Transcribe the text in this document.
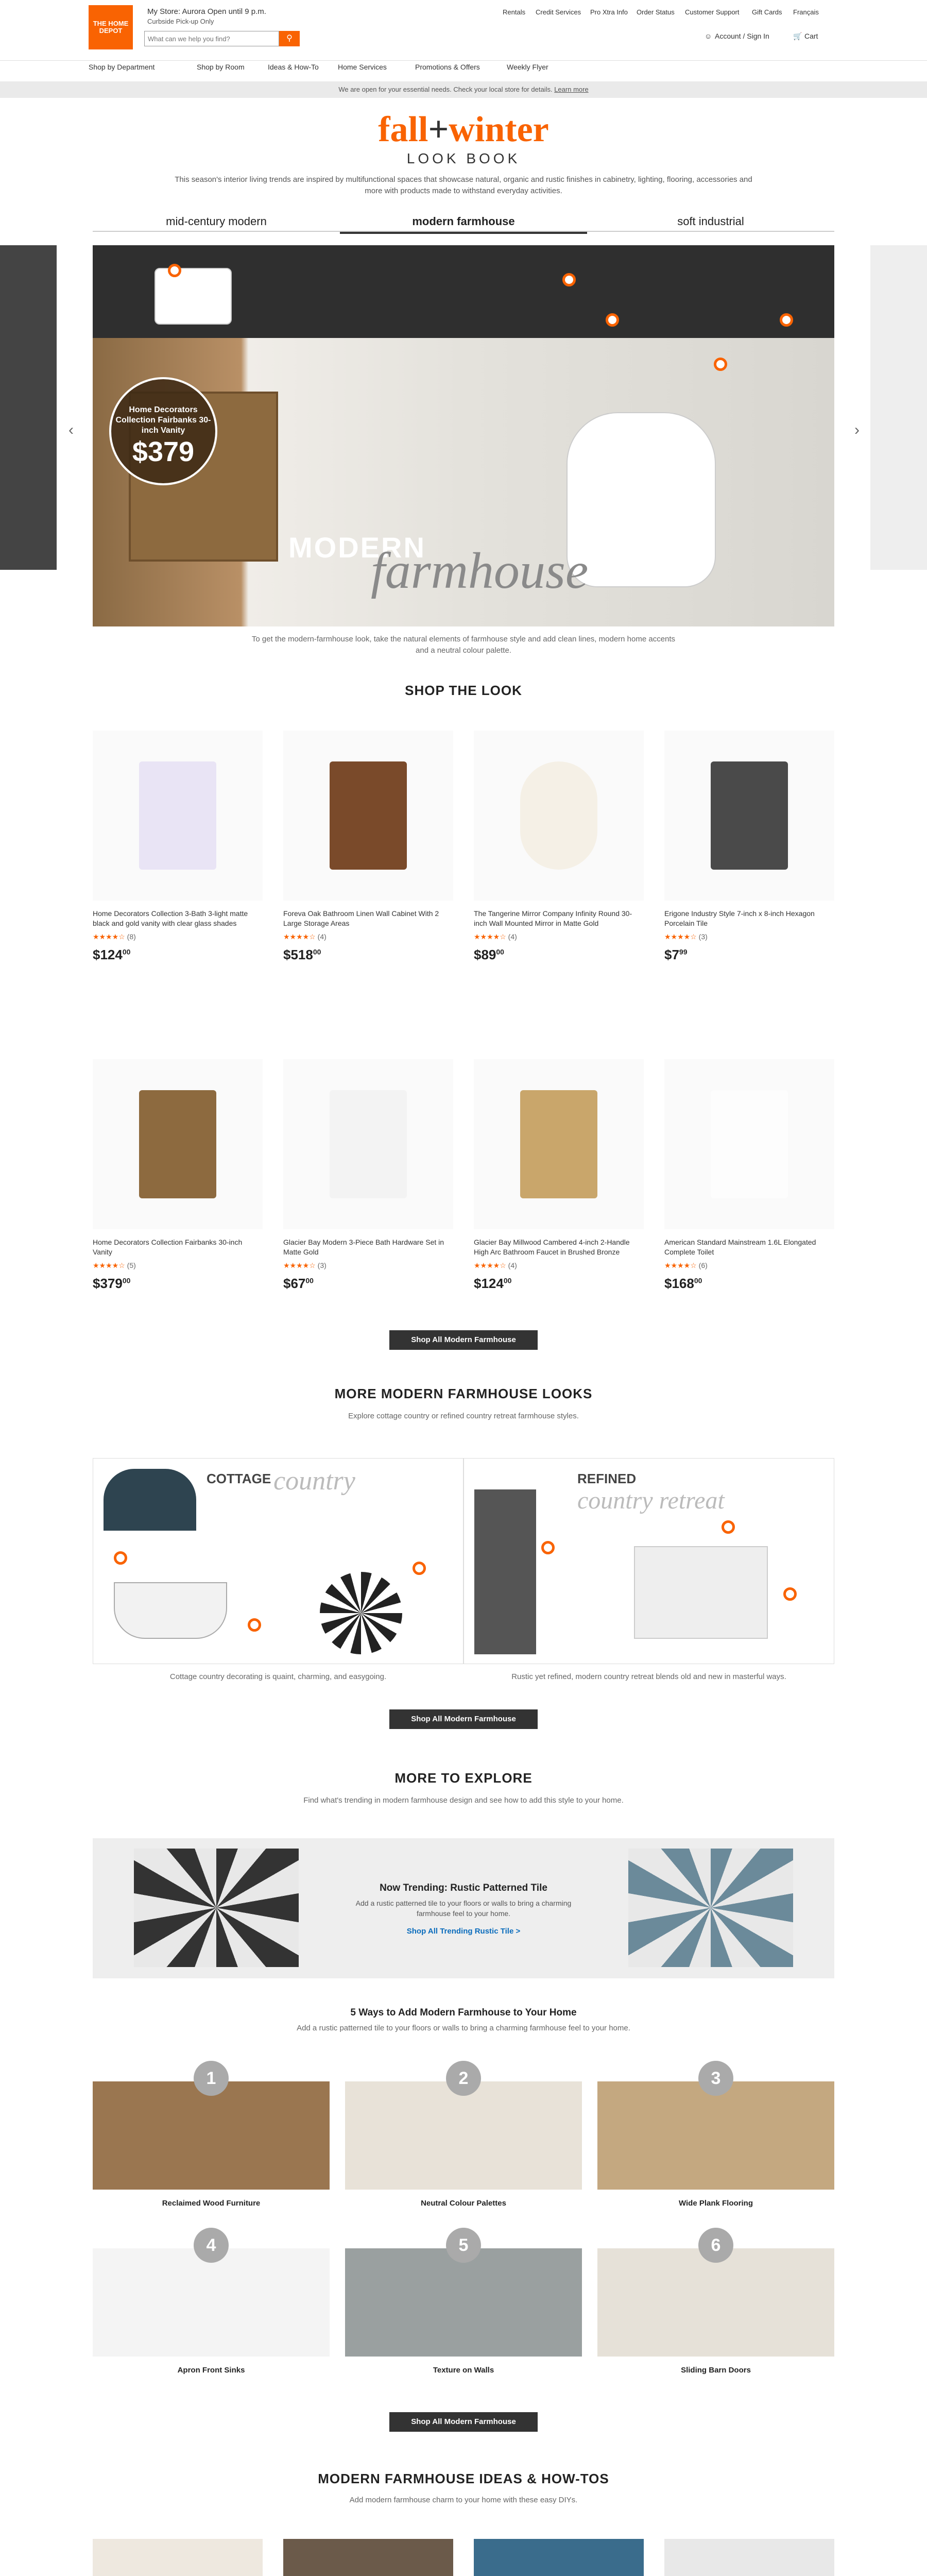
THE HOME DEPOT
My Store: Aurora Open until 9 p.m.
Curbside Pick-up Only
What can we help you find?
⚲
Rentals Credit Services Pro Xtra Info Order Status Customer Support Gift Cards Français
☺ Account / Sign In	🛒 Cart
Shop by Department	Shop by Room	Ideas & How-To	Home Services	Promotions & Offers	Weekly Flyer
We are open for your essential needs. Check your local store for details. Learn more
fall+winter
LOOK BOOK
This season's interior living trends are inspired by multifunctional spaces that showcase natural, organic and rustic finishes in cabinetry, lighting, flooring, accessories and more with products made to withstand everyday activities.
mid-century modern	modern farmhouse	soft industrial
Home Decorators Collection Fairbanks 30-inch Vanity
$379
MODERN
farmhouse
‹	›
To get the modern-farmhouse look, take the natural elements of farmhouse style and add clean lines, modern home accents and a neutral colour palette.
SHOP THE LOOK
Home Decorators Collection 3-Bath 3-light matte black and gold vanity with clear glass shades
★★★★☆ (8)
$\$124^{00}$
Foreva Oak Bathroom Linen Wall Cabinet With 2 Large Storage Areas
★★★★☆ (4)
$\$518^{00}$
The Tangerine Mirror Company Infinity Round 30-inch Wall Mounted Mirror in Matte Gold
★★★★☆ (4)
$\$89^{00}$
Erigone Industry Style 7-inch x 8-inch Hexagon Porcelain Tile
★★★★☆ (3)
$\$7^{99}$
Home Decorators Collection Fairbanks 30-inch Vanity
★★★★☆ (5)
$\$379^{00}$
Glacier Bay Modern 3-Piece Bath Hardware Set in Matte Gold
★★★★☆ (3)
$\$67^{00}$
Glacier Bay Millwood Cambered 4-inch 2-Handle High Arc Bathroom Faucet in Brushed Bronze
★★★★☆ (4)
$\$124^{00}$
American Standard Mainstream 1.6L Elongated Complete Toilet
★★★★☆ (6)
$\$168^{00}$
Shop All Modern Farmhouse
MORE MODERN FARMHOUSE LOOKS
Explore cottage country or refined country retreat farmhouse styles.
COTTAGE country	REFINED
country retreat
Cottage country decorating is quaint, charming, and easygoing.	Rustic yet refined, modern country retreat blends old and new in masterful ways.
Shop All Modern Farmhouse
MORE TO EXPLORE
Find what's trending in modern farmhouse design and see how to add this style to your home.
Now Trending: Rustic Patterned Tile
Add a rustic patterned tile to your floors or walls to bring a charming farmhouse feel to your home.
Shop All Trending Rustic Tile >
5 Ways to Add Modern Farmhouse to Your Home
Add a rustic patterned tile to your floors or walls to bring a charming farmhouse feel to your home.
1
Reclaimed Wood Furniture
2
Neutral Colour Palettes
3
Wide Plank Flooring
4
Apron Front Sinks
5
Texture on Walls
6
Sliding Barn Doors
Shop All Modern Farmhouse
MODERN FARMHOUSE IDEAS & HOW-TOS
Add modern farmhouse charm to your home with these easy DIYs.
